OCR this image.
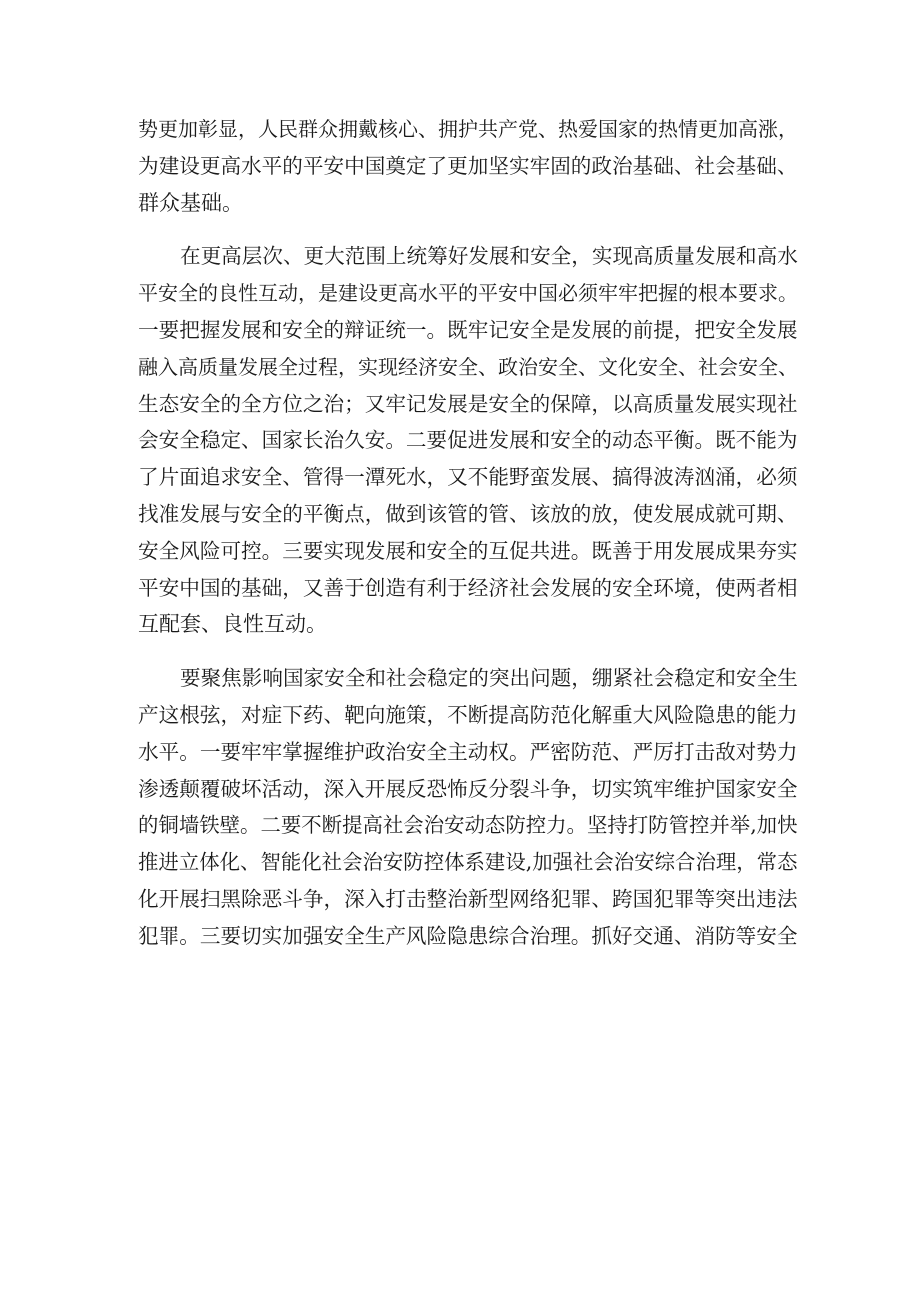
势更加彰显，人民群众拥戴核心、拥护共产党、热爱国家的热情更加高涨，
为建设更高水平的平安中国奠定了更加坚实牢固的政治基础、社会基础、
群众基础。
在更高层次、更大范围上统筹好发展和安全，实现高质量发展和高水
平安全的良性互动，是建设更高水平的平安中国必须牢牢把握的根本要求。
一要把握发展和安全的辩证统一。既牢记安全是发展的前提，把安全发展
融入高质量发展全过程，实现经济安全、政治安全、文化安全、社会安全、
生态安全的全方位之治；又牢记发展是安全的保障，以高质量发展实现社
会安全稳定、国家长治久安。二要促进发展和安全的动态平衡。既不能为
了片面追求安全、管得一潭死水，又不能野蛮发展、搞得波涛汹涌，必须
找准发展与安全的平衡点，做到该管的管、该放的放，使发展成就可期、
安全风险可控。三要实现发展和安全的互促共进。既善于用发展成果夯实
平安中国的基础，又善于创造有利于经济社会发展的安全环境，使两者相
互配套、良性互动。
要聚焦影响国家安全和社会稳定的突出问题，绷紧社会稳定和安全生
产这根弦，对症下药、靶向施策，不断提高防范化解重大风险隐患的能力
水平。一要牢牢掌握维护政治安全主动权。严密防范、严厉打击敌对势力
渗透颠覆破坏活动，深入开展反恐怖反分裂斗争，切实筑牢维护国家安全
的铜墙铁壁。二要不断提高社会治安动态防控力。坚持打防管控并举,加快
推进立体化、智能化社会治安防控体系建设,加强社会治安综合治理，常态
化开展扫黑除恶斗争，深入打击整治新型网络犯罪、跨国犯罪等突出违法
犯罪。三要切实加强安全生产风险隐患综合治理。抓好交通、消防等安全
